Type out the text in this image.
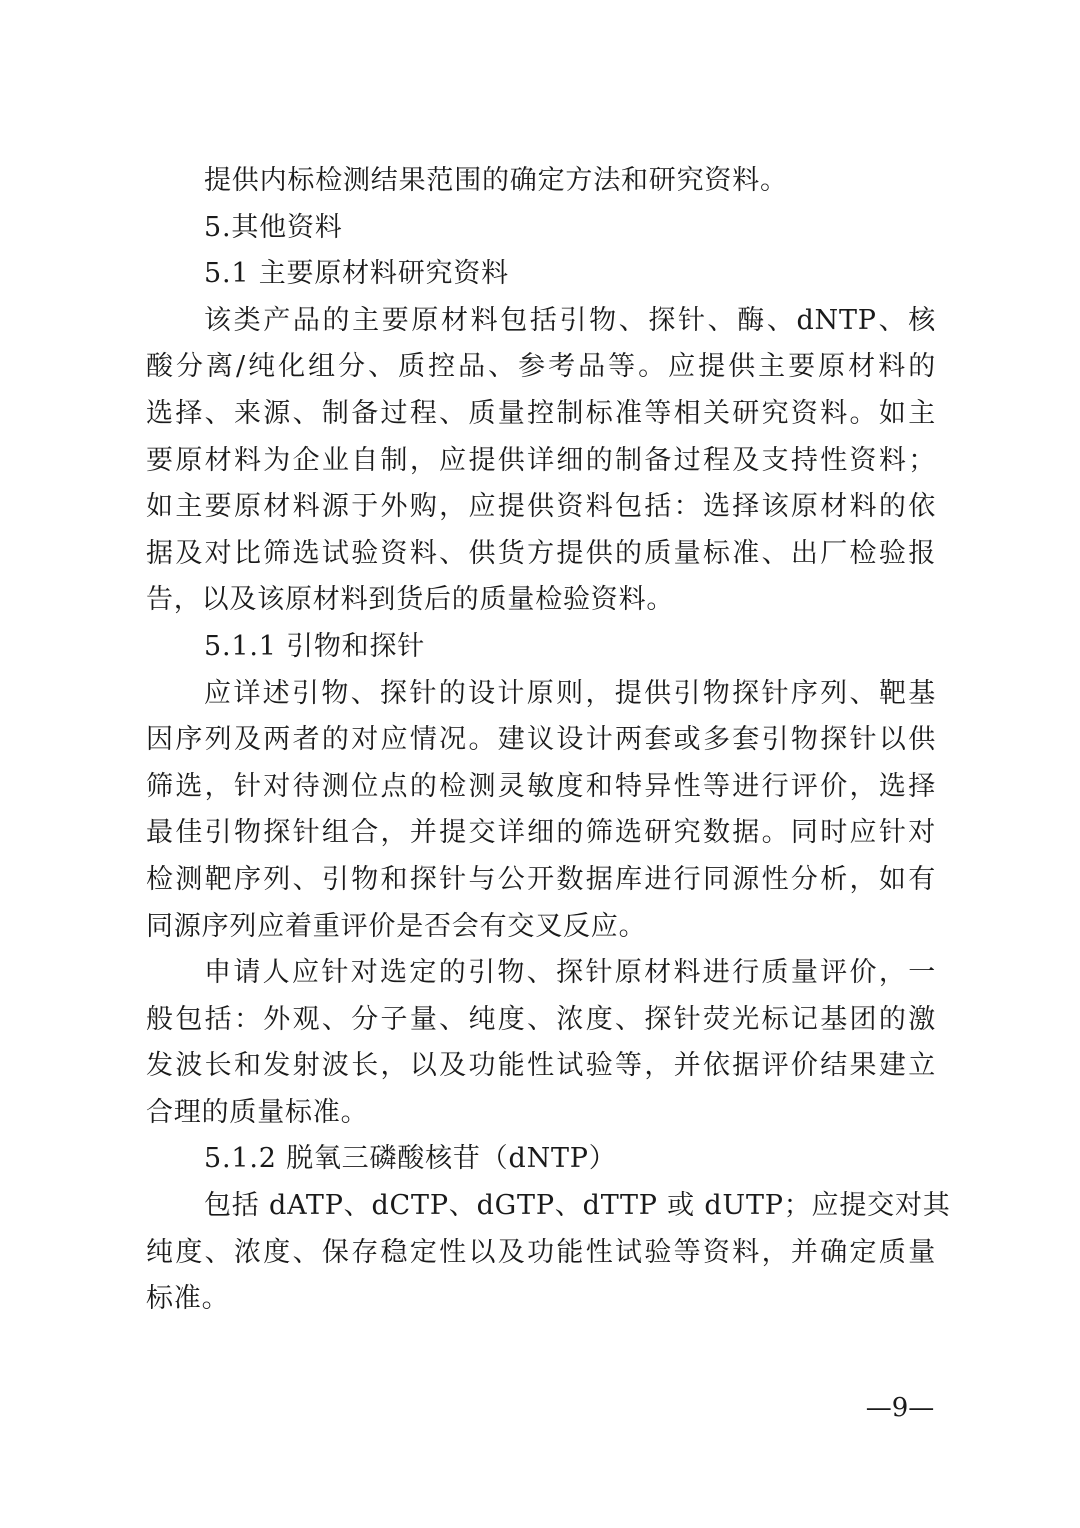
提供内标检测结果范围的确定方法和研究资料。
5.其他资料
5.1 主要原材料研究资料
该类产品的主要原材料包括引物、探针、酶、dNTP、核
酸分离/纯化组分、质控品、参考品等。应提供主要原材料的
选择、来源、制备过程、质量控制标准等相关研究资料。如主
要原材料为企业自制，应提供详细的制备过程及支持性资料；
如主要原材料源于外购，应提供资料包括：选择该原材料的依
据及对比筛选试验资料、供货方提供的质量标准、出厂检验报
告，以及该原材料到货后的质量检验资料。
5.1.1 引物和探针
应详述引物、探针的设计原则，提供引物探针序列、靶基
因序列及两者的对应情况。建议设计两套或多套引物探针以供
筛选，针对待测位点的检测灵敏度和特异性等进行评价，选择
最佳引物探针组合，并提交详细的筛选研究数据。同时应针对
检测靶序列、引物和探针与公开数据库进行同源性分析，如有
同源序列应着重评价是否会有交叉反应。
申请人应针对选定的引物、探针原材料进行质量评价，一
般包括：外观、分子量、纯度、浓度、探针荧光标记基团的激
发波长和发射波长，以及功能性试验等，并依据评价结果建立
合理的质量标准。
5.1.2 脱氧三磷酸核苷（dNTP）
包括 dATP、dCTP、dGTP、dTTP 或 dUTP；应提交对其
纯度、浓度、保存稳定性以及功能性试验等资料，并确定质量
标准。
—9—
